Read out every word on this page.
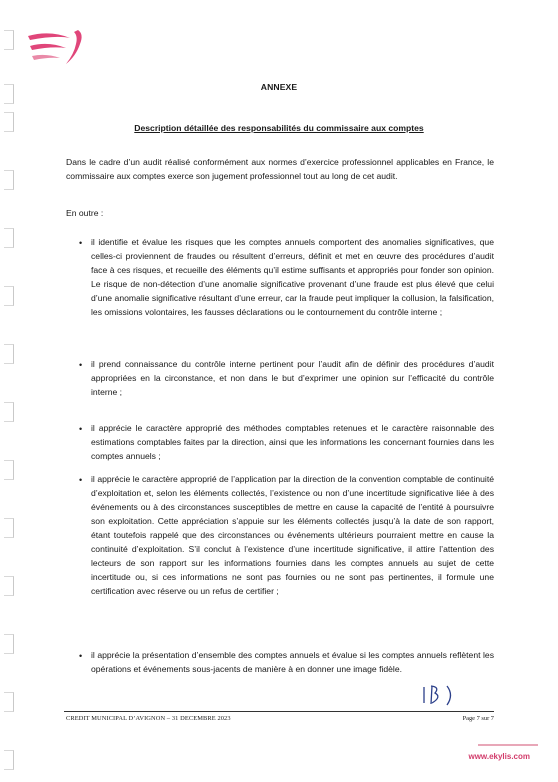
ANNEXE
Description détaillée des responsabilités du commissaire aux comptes
Dans le cadre d’un audit réalisé conformément aux normes d’exercice professionnel applicables en France, le commissaire aux comptes exerce son jugement professionnel tout au long de cet audit.
En outre :
• il identifie et évalue les risques que les comptes annuels comportent des anomalies significatives, que celles-ci proviennent de fraudes ou résultent d’erreurs, définit et met en œuvre des procédures d’audit face à ces risques, et recueille des éléments qu’il estime suffisants et appropriés pour fonder son opinion. Le risque de non-détection d’une anomalie significative provenant d’une fraude est plus élevé que celui d’une anomalie significative résultant d’une erreur, car la fraude peut impliquer la collusion, la falsification, les omissions volontaires, les fausses déclarations ou le contournement du contrôle interne ;
• il prend connaissance du contrôle interne pertinent pour l’audit afin de définir des procédures d’audit appropriées en la circonstance, et non dans le but d’exprimer une opinion sur l’efficacité du contrôle interne ;
• il apprécie le caractère approprié des méthodes comptables retenues et le caractère raisonnable des estimations comptables faites par la direction, ainsi que les informations les concernant fournies dans les comptes annuels ;
• il apprécie le caractère approprié de l’application par la direction de la convention comptable de continuité d’exploitation et, selon les éléments collectés, l’existence ou non d’une incertitude significative liée à des événements ou à des circonstances susceptibles de mettre en cause la capacité de l’entité à poursuivre son exploitation. Cette appréciation s’appuie sur les éléments collectés jusqu’à la date de son rapport, étant toutefois rappelé que des circonstances ou événements ultérieurs pourraient mettre en cause la continuité d’exploitation. S’il conclut à l’existence d’une incertitude significative, il attire l’attention des lecteurs de son rapport sur les informations fournies dans les comptes annuels au sujet de cette incertitude ou, si ces informations ne sont pas fournies ou ne sont pas pertinentes, il formule une certification avec réserve ou un refus de certifier ;
• il apprécie la présentation d’ensemble des comptes annuels et évalue si les comptes annuels reflètent les opérations et événements sous-jacents de manière à en donner une image fidèle.
CREDIT MUNICIPAL D’AVIGNON – 31 DECEMBRE 2023	Page 7 sur 7
www.ekylis.com
